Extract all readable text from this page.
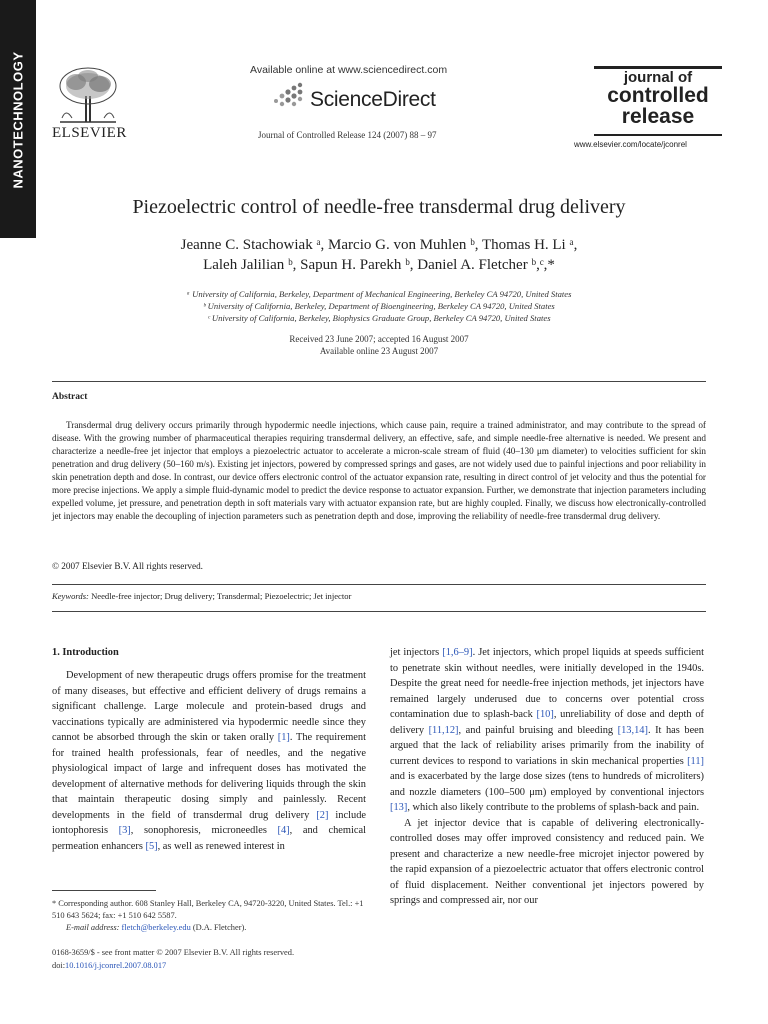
NANOTECHNOLOGY ELSEVIER
Available online at www.sciencedirect.com
ScienceDirect
Journal of Controlled Release 124 (2007) 88 – 97
journal of
controlled
release
www.elsevier.com/locate/jconrel
Piezoelectric control of needle-free transdermal drug delivery
Jeanne C. Stachowiak ᵃ, Marcio G. von Muhlen ᵇ, Thomas H. Li ᵃ,
Laleh Jalilian ᵇ, Sapun H. Parekh ᵇ, Daniel A. Fletcher ᵇ,ᶜ,*
ᵃ University of California, Berkeley, Department of Mechanical Engineering, Berkeley CA 94720, United States
ᵇ University of California, Berkeley, Department of Bioengineering, Berkeley CA 94720, United States
ᶜ University of California, Berkeley, Biophysics Graduate Group, Berkeley CA 94720, United States
Received 23 June 2007; accepted 16 August 2007
Available online 23 August 2007
Abstract
Transdermal drug delivery occurs primarily through hypodermic needle injections, which cause pain, require a trained administrator, and may contribute to the spread of disease. With the growing number of pharmaceutical therapies requiring transdermal delivery, an effective, safe, and simple needle-free alternative is needed. We present and characterize a needle-free jet injector that employs a piezoelectric actuator to accelerate a micron-scale stream of fluid (40–130 μm diameter) to velocities sufficient for skin penetration and drug delivery (50–160 m/s). Existing jet injectors, powered by compressed springs and gases, are not widely used due to painful injections and poor reliability in skin penetration depth and dose. In contrast, our device offers electronic control of the actuator expansion rate, resulting in direct control of jet velocity and thus the potential for more precise injections. We apply a simple fluid-dynamic model to predict the device response to actuator expansion. Further, we demonstrate that injection parameters including expelled volume, jet pressure, and penetration depth in soft materials vary with actuator expansion rate, but are highly coupled. Finally, we discuss how electronically-controlled jet injectors may enable the decoupling of injection parameters such as penetration depth and dose, improving the reliability of needle-free transdermal drug delivery.
© 2007 Elsevier B.V. All rights reserved.
Keywords: Needle-free injector; Drug delivery; Transdermal; Piezoelectric; Jet injector
1. Introduction
Development of new therapeutic drugs offers promise for the treatment of many diseases, but effective and efficient delivery of drugs remains a significant challenge. Large molecule and protein-based drugs and vaccinations typically are administered via hypodermic needle since they cannot be absorbed through the skin or taken orally [1]. The requirement for trained health professionals, fear of needles, and the negative physiological impact of large and infrequent doses has motivated the development of alternative methods for delivering liquids through the skin that maintain therapeutic dosing simply and painlessly. Recent developments in the field of transdermal drug delivery [2] include iontophoresis [3], sonophoresis, microneedles [4], and chemical permeation enhancers [5], as well as renewed interest in

jet injectors [1,6–9]. Jet injectors, which propel liquids at speeds sufficient to penetrate skin without needles, were initially developed in the 1940s. Despite the great need for needle-free injection methods, jet injectors have remained largely underused due to concerns over potential cross contamination due to splash-back [10], unreliability of dose and depth of delivery [11,12], and painful bruising and bleeding [13,14]. It has been argued that the lack of reliability arises primarily from the inability of current devices to respond to variations in skin mechanical properties [11] and is exacerbated by the large dose sizes (tens to hundreds of microliters) and nozzle diameters (100–500 μm) employed by conventional injectors [13], which also likely contribute to the problems of splash-back and pain.

A jet injector device that is capable of delivering electronically-controlled doses may offer improved consistency and reduced pain. We present and characterize a new needle-free microjet injector powered by the rapid expansion of a piezoelectric actuator that offers electronic control of fluid displacement. Neither conventional jet injectors powered by springs and compressed air, nor our

* Corresponding author. 608 Stanley Hall, Berkeley CA, 94720-3220, United States. Tel.: +1 510 643 5624; fax: +1 510 642 5587.
E-mail address: fletch@berkeley.edu (D.A. Fletcher).
0168-3659/$ - see front matter © 2007 Elsevier B.V. All rights reserved.
doi:10.1016/j.jconrel.2007.08.017
